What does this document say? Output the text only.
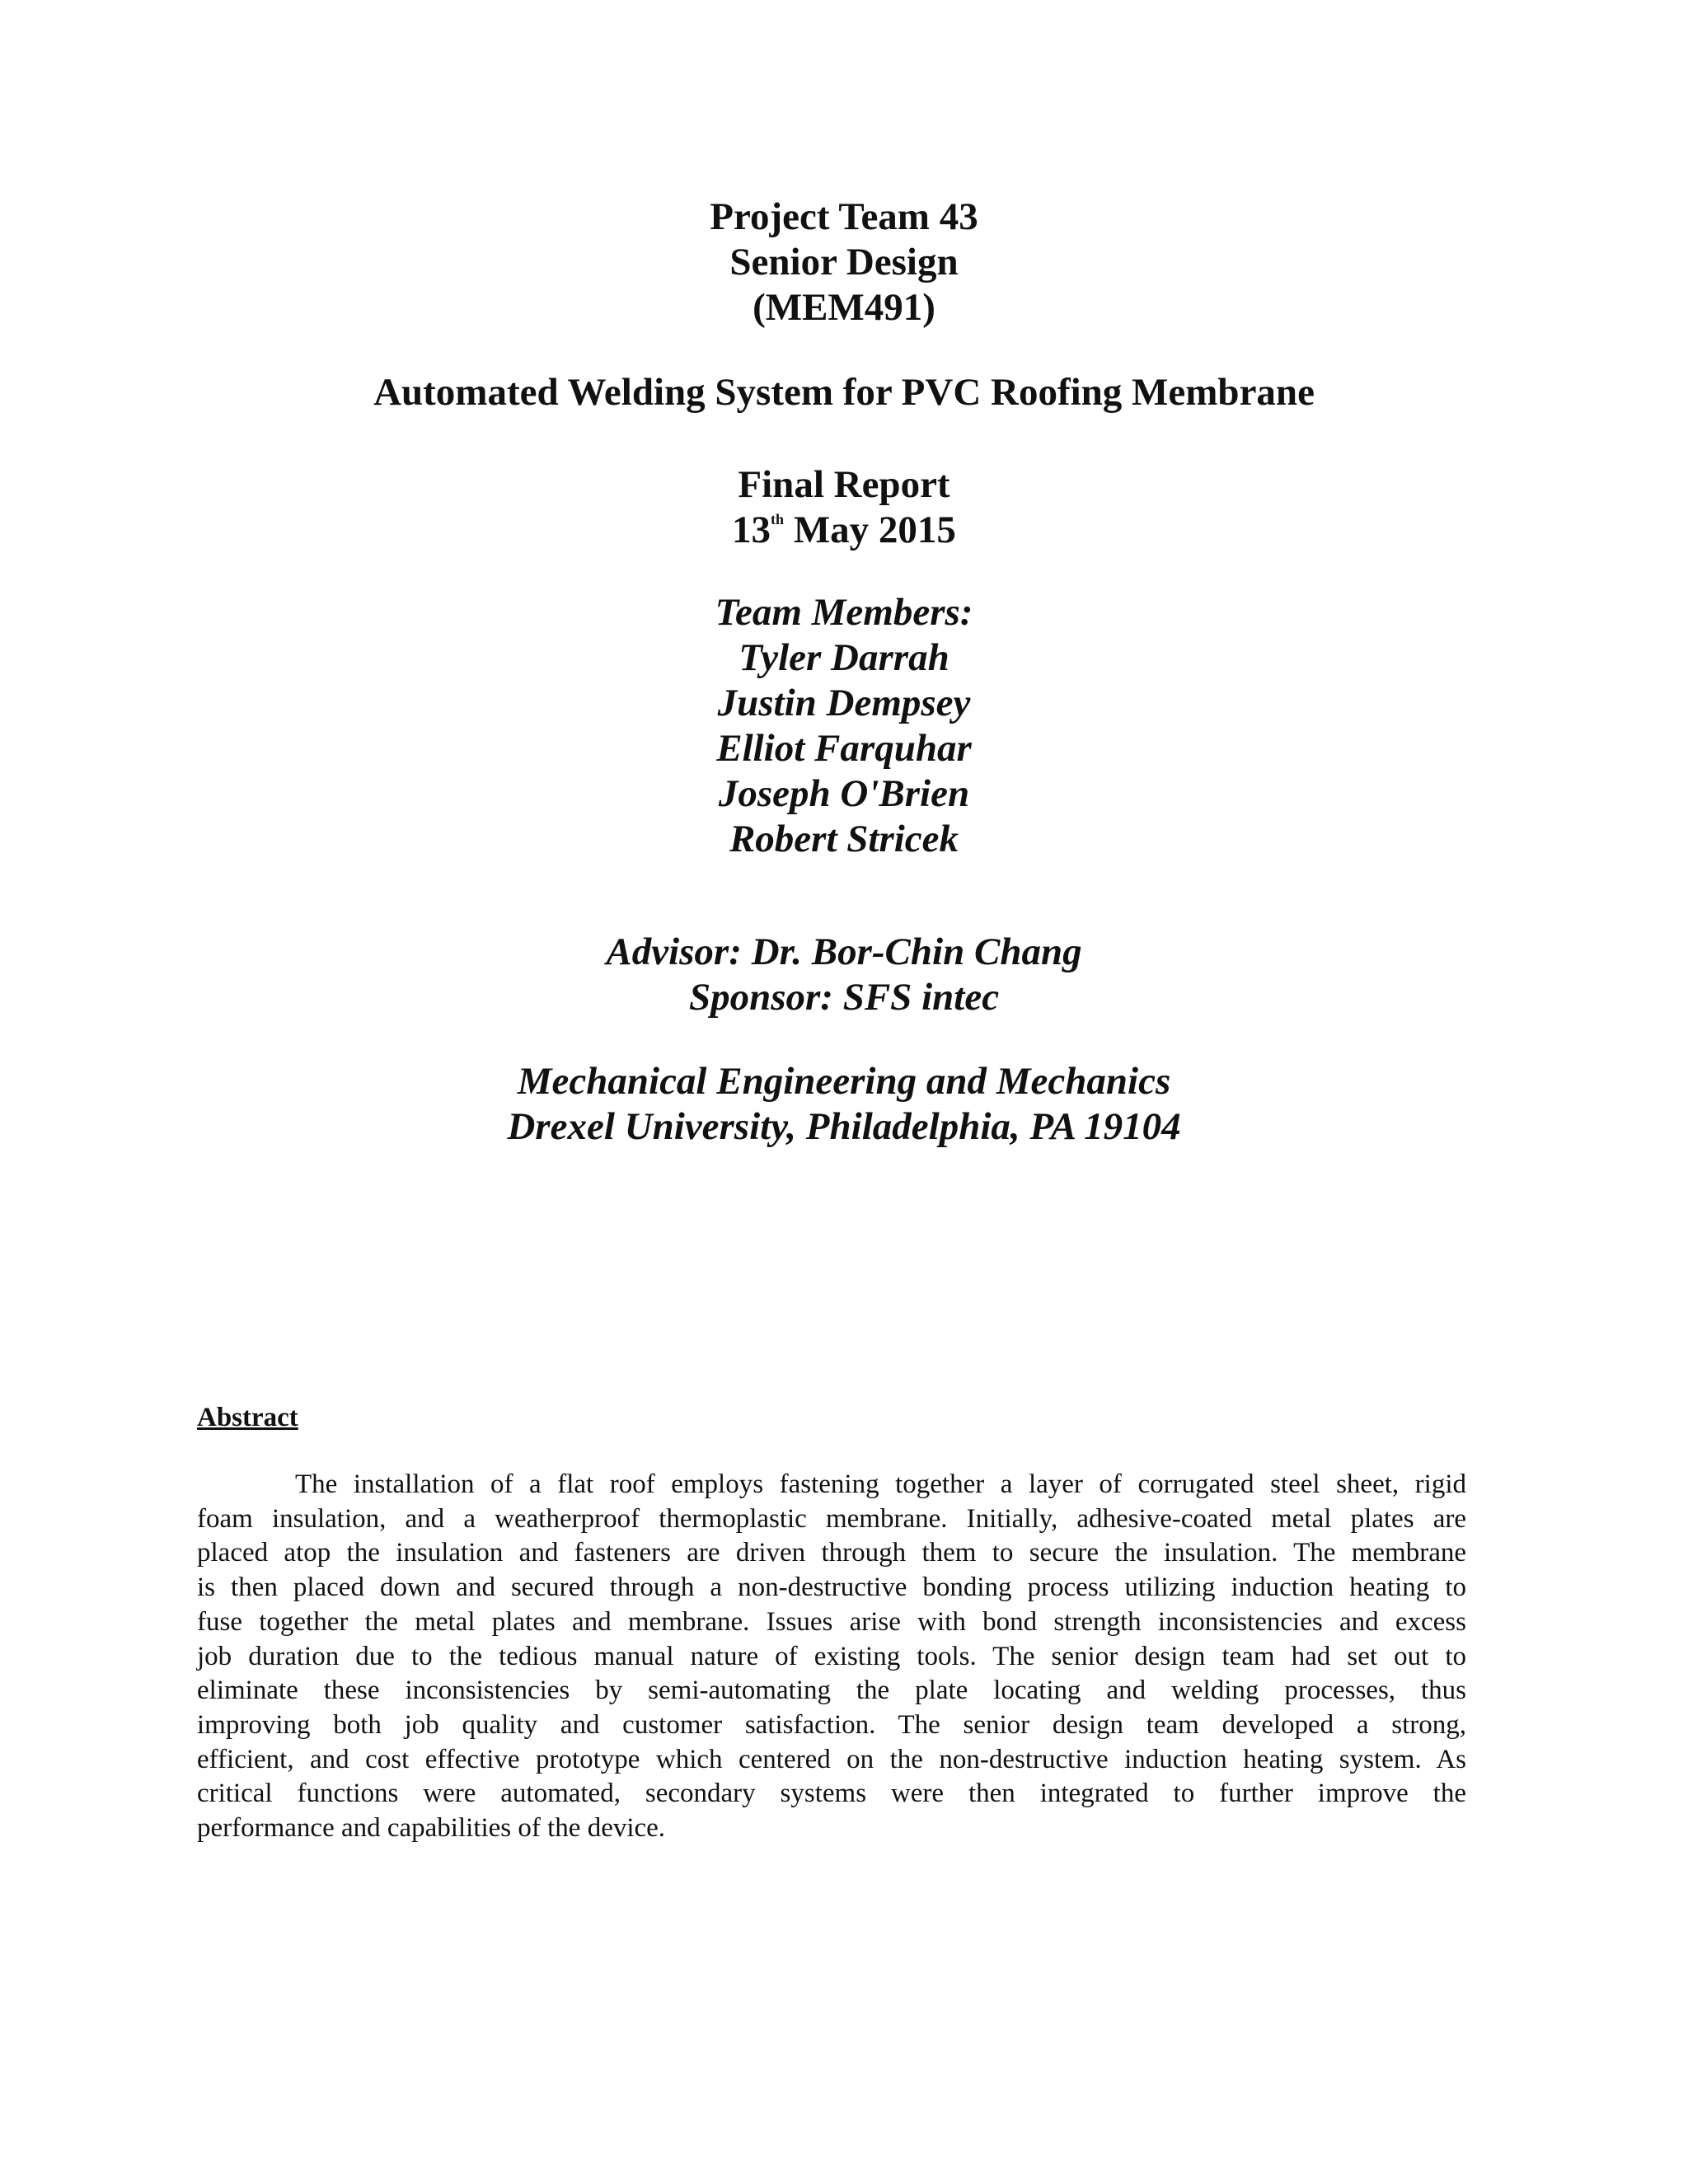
Project Team 43
Senior Design
(MEM491)
Automated Welding System for PVC Roofing Membrane
Final Report
13th May 2015
Team Members:
Tyler Darrah
Justin Dempsey
Elliot Farquhar
Joseph O'Brien
Robert Stricek
Advisor: Dr. Bor-Chin Chang
Sponsor: SFS intec
Mechanical Engineering and Mechanics
Drexel University, Philadelphia, PA 19104
Abstract
The installation of a flat roof employs fastening together a layer of corrugated steel sheet, rigid
foam insulation, and a weatherproof thermoplastic membrane. Initially, adhesive-coated metal plates are
placed atop the insulation and fasteners are driven through them to secure the insulation. The membrane
is then placed down and secured through a non-destructive bonding process utilizing induction heating to
fuse together the metal plates and membrane. Issues arise with bond strength inconsistencies and excess
job duration due to the tedious manual nature of existing tools. The senior design team had set out to
eliminate these inconsistencies by semi-automating the plate locating and welding processes, thus
improving both job quality and customer satisfaction. The senior design team developed a strong,
efficient, and cost effective prototype which centered on the non-destructive induction heating system. As
critical functions were automated, secondary systems were then integrated to further improve the
performance and capabilities of the device.
